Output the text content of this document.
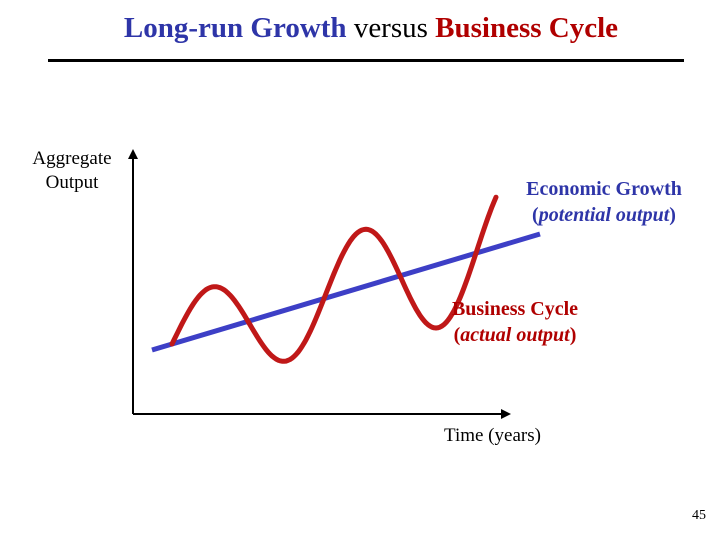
Long-run Growth versus Business Cycle
Aggregate
Output
Time (years)
Economic Growth
(potential output)
Business Cycle
(actual output)
45
